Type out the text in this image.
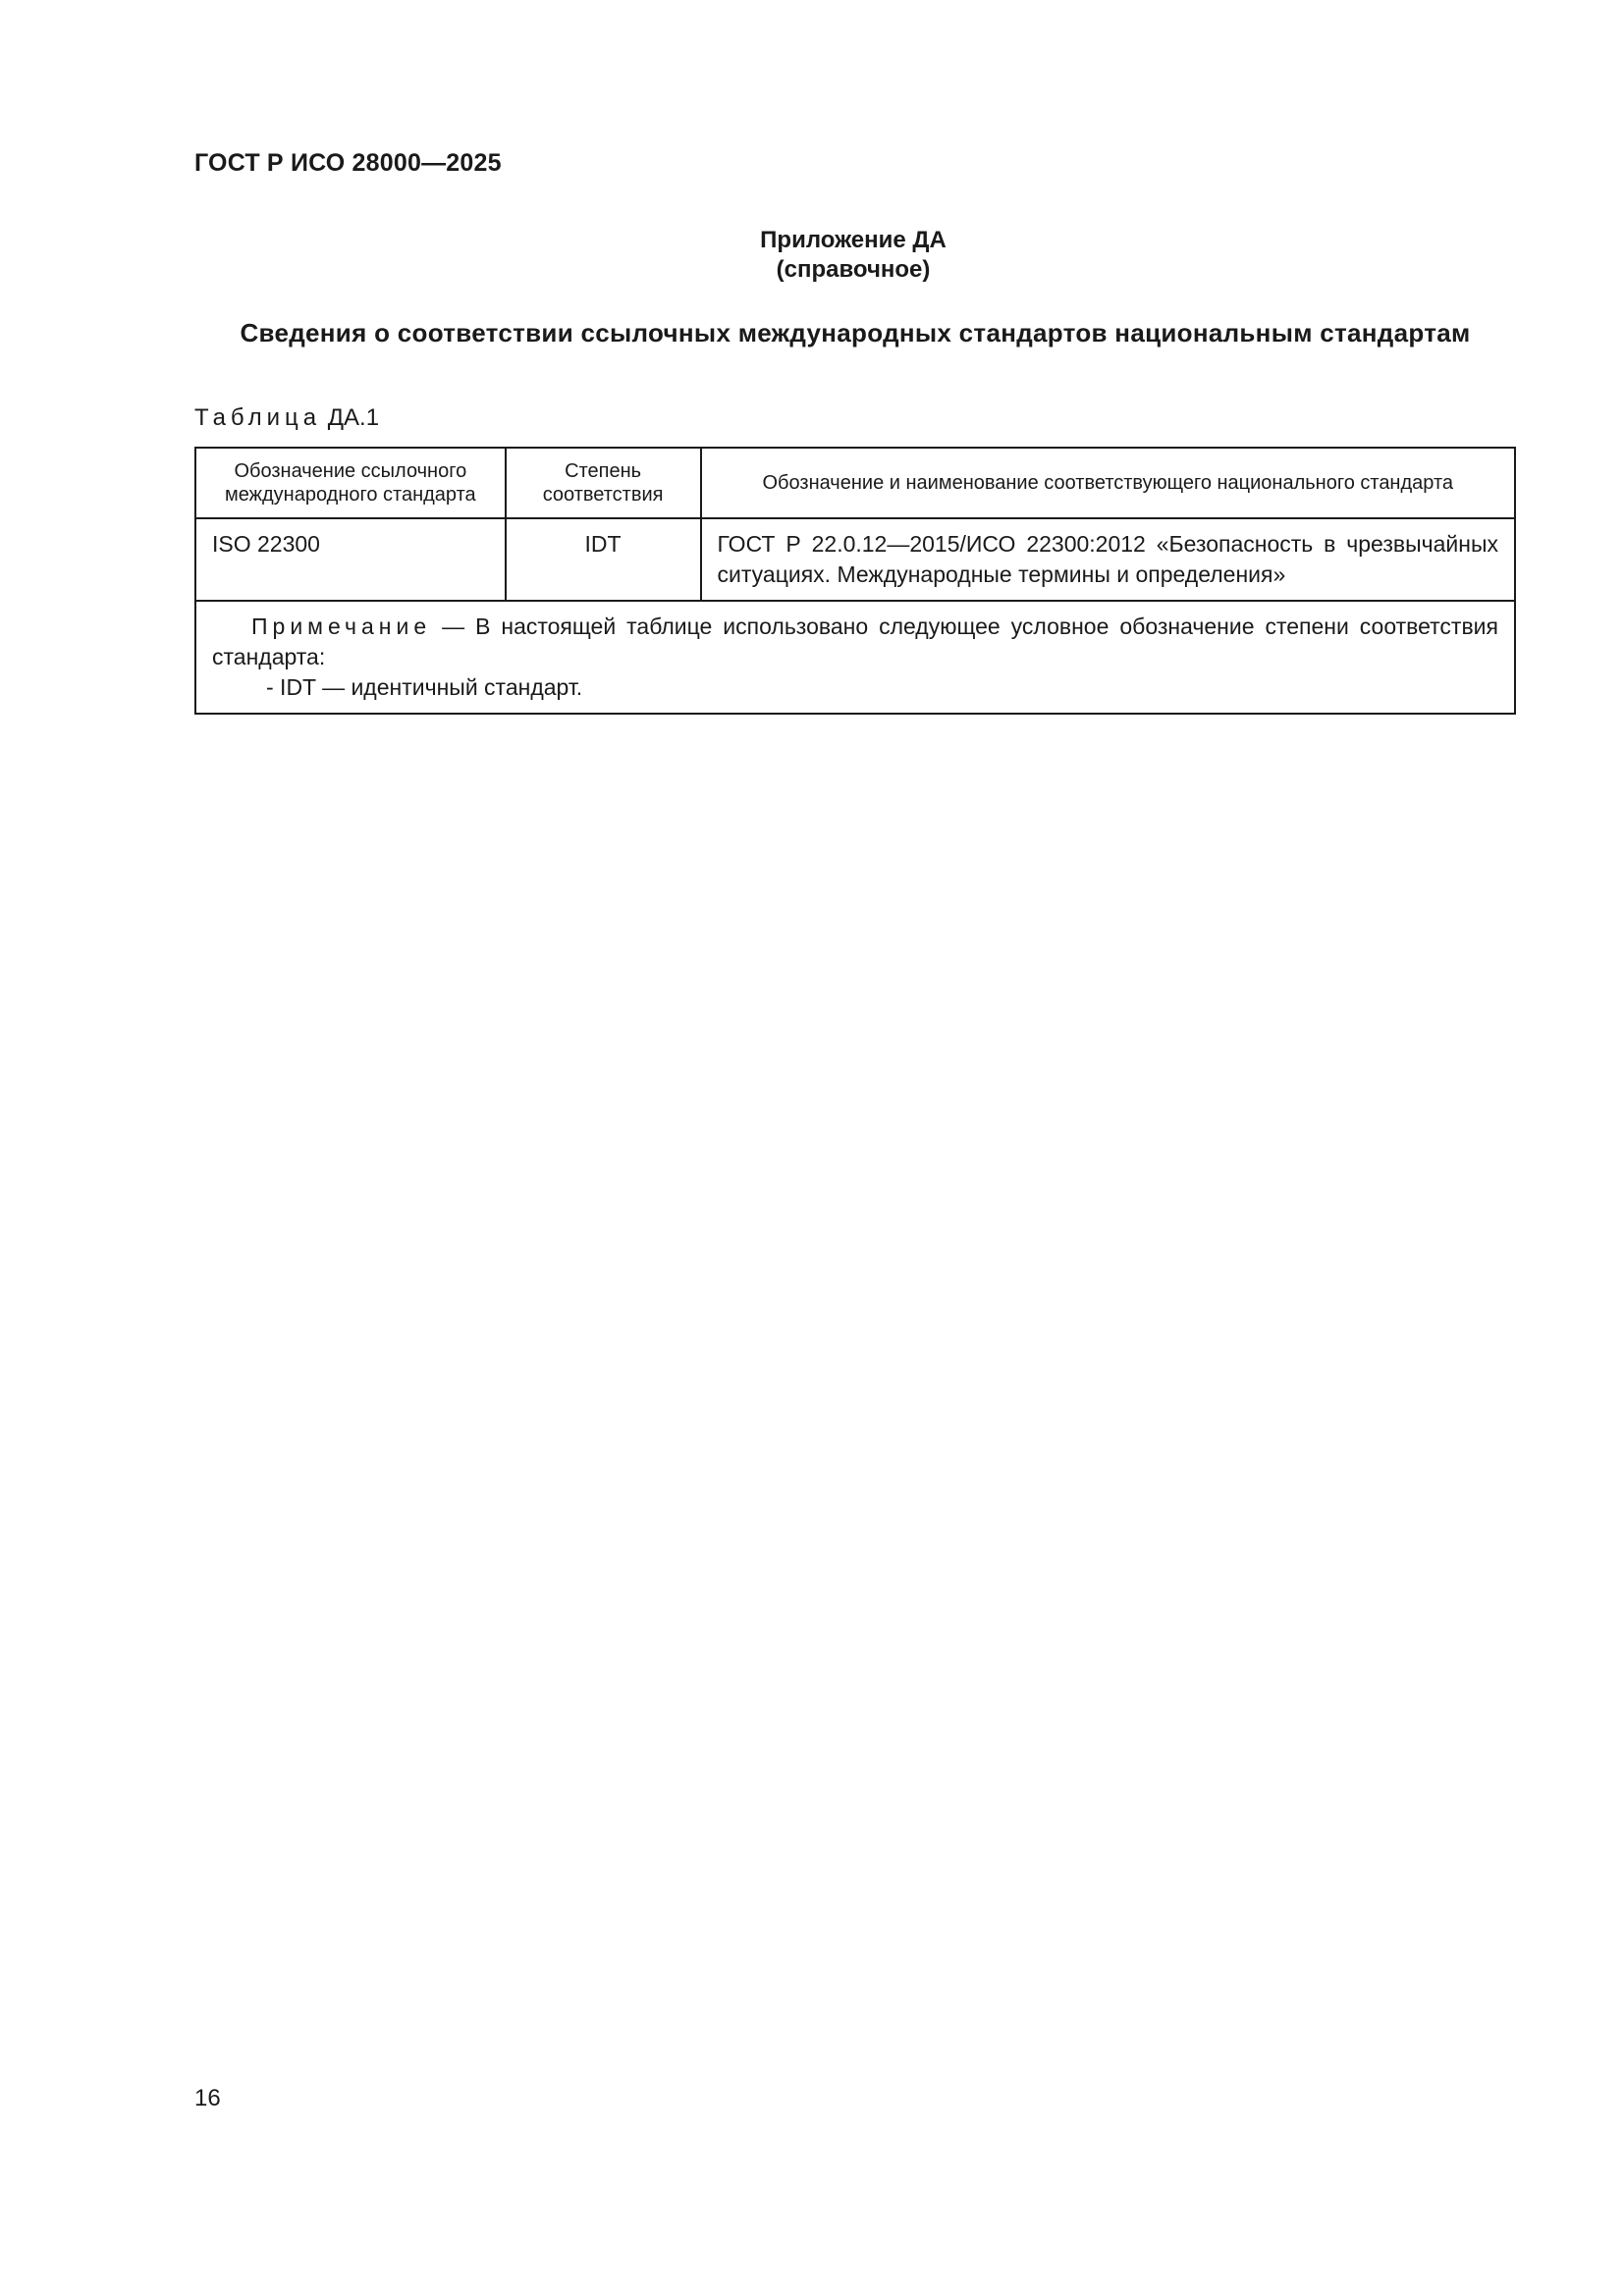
ГОСТ Р ИСО 28000—2025
Приложение ДА
(справочное)
Сведения о соответствии ссылочных международных стандартов национальным стандартам
Таблица ДА.1
Обозначение ссылочного международного стандарта	Степень соответствия	Обозначение и наименование соответствующего национального стандарта
ISO 22300	IDT	ГОСТ Р 22.0.12—2015/ИСО 22300:2012 «Безопасность в чрезвычайных ситуациях. Международные термины и определения»

Примечание — В настоящей таблице использовано следующее условное обозначение степени соответствия стандарта:
- IDT — идентичный стандарт.		
16
